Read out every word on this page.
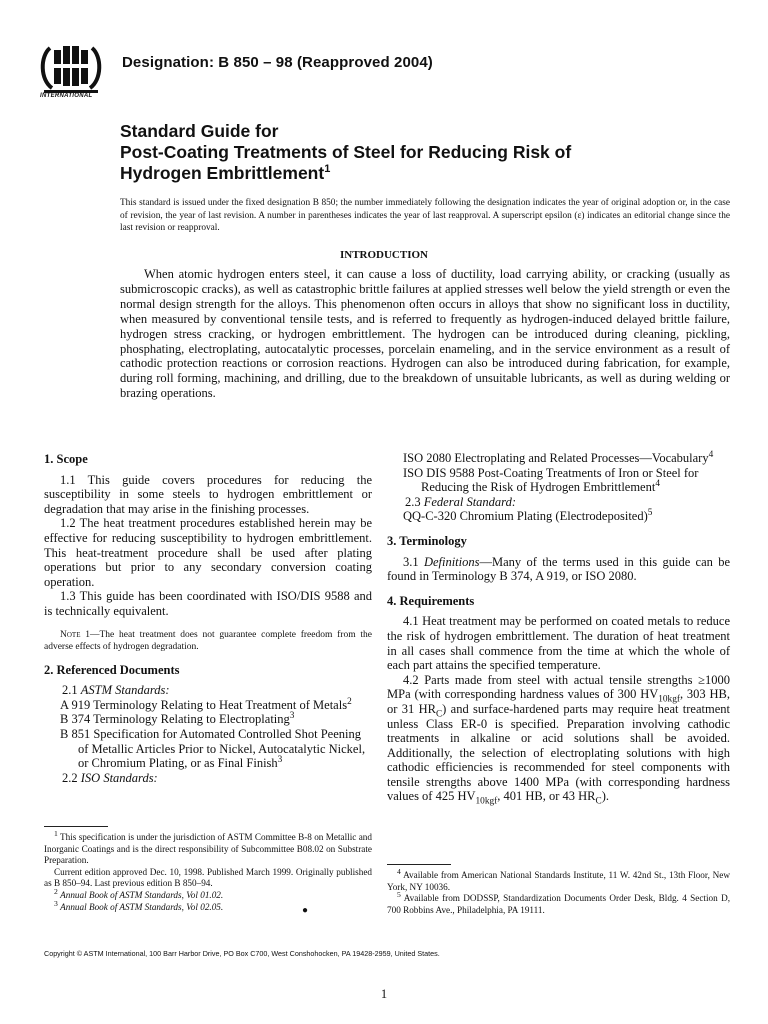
INTERNATIONAL
Designation: B 850 – 98 (Reapproved 2004)
Standard Guide for
Post-Coating Treatments of Steel for Reducing Risk of
Hydrogen Embrittlement$^1$
This standard is issued under the fixed designation B 850; the number immediately following the designation indicates the year of original adoption or, in the case of revision, the year of last revision. A number in parentheses indicates the year of last reapproval. A superscript epsilon (ε) indicates an editorial change since the last revision or reapproval.
INTRODUCTION
When atomic hydrogen enters steel, it can cause a loss of ductility, load carrying ability, or cracking (usually as submicroscopic cracks), as well as catastrophic brittle failures at applied stresses well below the yield strength or even the normal design strength for the alloys. This phenomenon often occurs in alloys that show no significant loss in ductility, when measured by conventional tensile tests, and is referred to frequently as hydrogen-induced delayed brittle failure, hydrogen stress cracking, or hydrogen embrittlement. The hydrogen can be introduced during cleaning, pickling, phosphating, electroplating, autocatalytic processes, porcelain enameling, and in the service environment as a result of cathodic protection reactions or corrosion reactions. Hydrogen can also be introduced during fabrication, for example, during roll forming, machining, and drilling, due to the breakdown of unsuitable lubricants, as well as during welding or brazing operations.

1. Scope

1.1 This guide covers procedures for reducing the susceptibility in some steels to hydrogen embrittlement or degradation that may arise in the finishing processes.

1.2 The heat treatment procedures established herein may be effective for reducing susceptibility to hydrogen embrittlement. This heat-treatment procedure shall be used after plating operations but prior to any secondary conversion coating operation.

1.3 This guide has been coordinated with ISO/DIS 9588 and is technically equivalent.

Note 1—The heat treatment does not guarantee complete freedom from the adverse effects of hydrogen degradation.

2. Referenced Documents

2.1 ASTM Standards:

A 919 Terminology Relating to Heat Treatment of Metals$^2$

B 374 Terminology Relating to Electroplating$^3$

B 851 Specification for Automated Controlled Shot Peening of Metallic Articles Prior to Nickel, Autocatalytic Nickel, or Chromium Plating, or as Final Finish$^3$

2.2 ISO Standards:

ISO 2080 Electroplating and Related Processes—Vocabulary$^4$

ISO DIS 9588 Post-Coating Treatments of Iron or Steel for Reducing the Risk of Hydrogen Embrittlement$^4$

2.3 Federal Standard:

QQ-C-320 Chromium Plating (Electrodeposited)$^5$

3. Terminology

3.1 Definitions—Many of the terms used in this guide can be found in Terminology B 374, A 919, or ISO 2080.

4. Requirements

4.1 Heat treatment may be performed on coated metals to reduce the risk of hydrogen embrittlement. The duration of heat treatment in all cases shall commence from the time at which the whole of each part attains the specified temperature.

4.2 Parts made from steel with actual tensile strengths ≥1000 MPa (with corresponding hardness values of 300 $HV_{10kgf}$, 303 HB, or 31 $HR_C$) and surface-hardened parts may require heat treatment unless Class ER-0 is specified. Preparation involving cathodic treatments in alkaline or acid solutions shall be avoided. Additionally, the selection of electroplating solutions with high cathodic efficiencies is recommended for steel components with tensile strengths above 1400 MPa (with corresponding hardness values of 425 $HV_{10kgf}$, 401 HB, or 43 $HR_C$).

$^1$ This specification is under the jurisdiction of ASTM Committee B-8 on Metallic and Inorganic Coatings and is the direct responsibility of Subcommittee B08.02 on Substrate Preparation.

Current edition approved Dec. 10, 1998. Published March 1999. Originally published as B 850–94. Last previous edition B 850–94.

$^2$ Annual Book of ASTM Standards, Vol 01.02.

$^3$ Annual Book of ASTM Standards, Vol 02.05.	●

$^4$ Available from American National Standards Institute, 11 W. 42nd St., 13th Floor, New York, NY 10036.

$^5$ Available from DODSSP, Standardization Documents Order Desk, Bldg. 4 Section D, 700 Robbins Ave., Philadelphia, PA 19111.

Copyright © ASTM International, 100 Barr Harbor Drive, PO Box C700, West Conshohocken, PA 19428-2959, United States.
1
